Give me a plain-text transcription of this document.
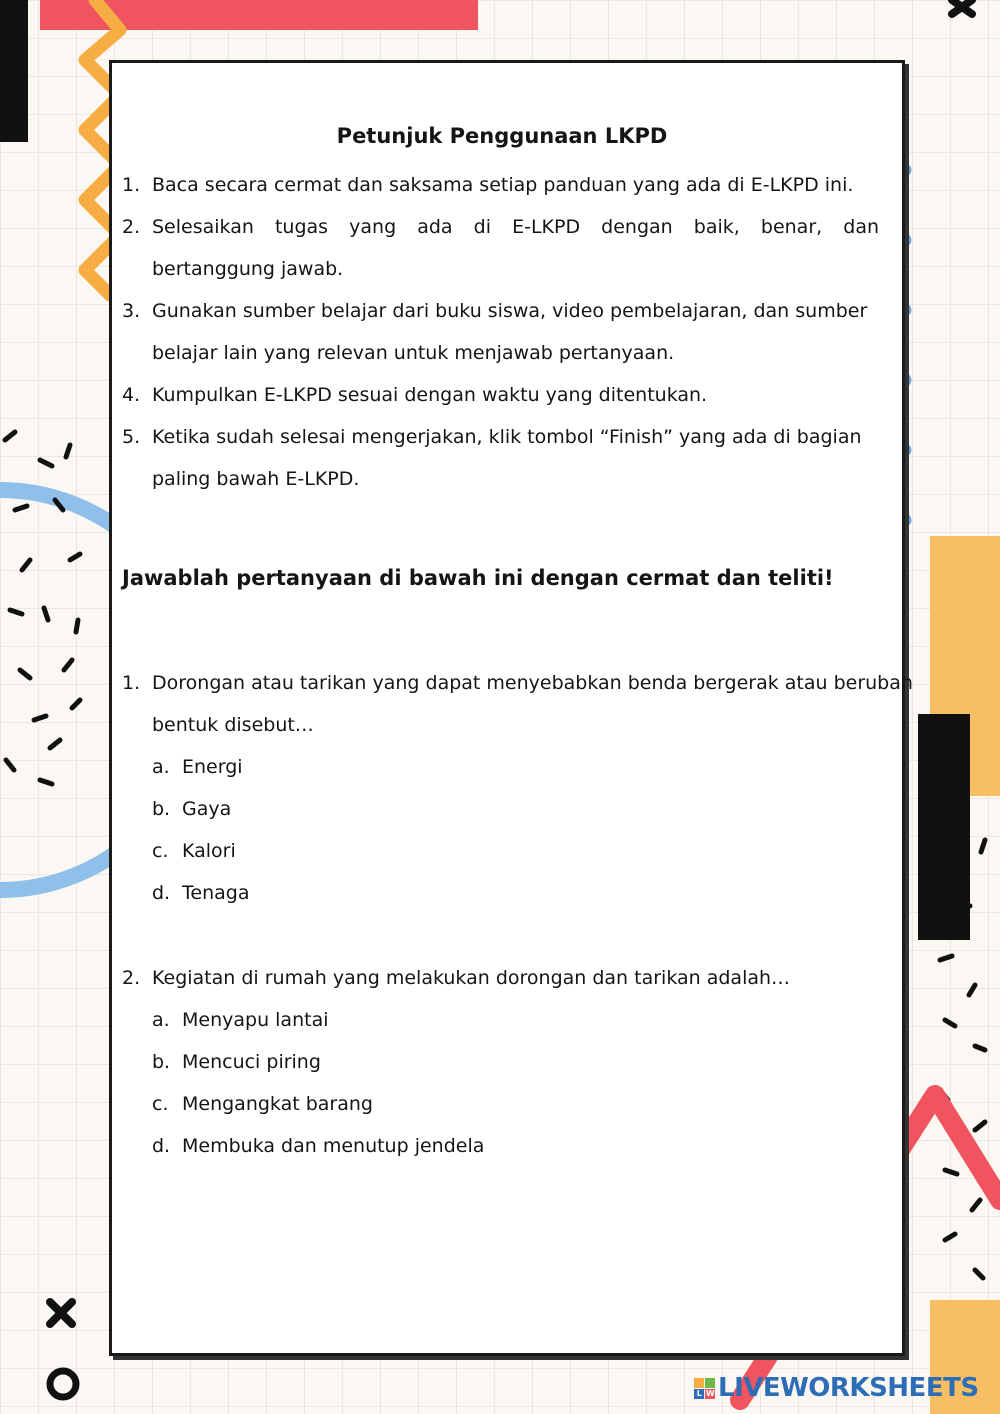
Petunjuk Penggunaan LKPD
1. Baca secara cermat dan saksama setiap panduan yang ada di E-LKPD ini.
2. Selesaikan tugas yang ada di E-LKPD dengan baik, benar, dan
bertanggung jawab.
3. Gunakan sumber belajar dari buku siswa, video pembelajaran, dan sumber
belajar lain yang relevan untuk menjawab pertanyaan.
4. Kumpulkan E-LKPD sesuai dengan waktu yang ditentukan.
5. Ketika sudah selesai mengerjakan, klik tombol “Finish” yang ada di bagian
paling bawah E-LKPD.
Jawablah pertanyaan di bawah ini dengan cermat dan teliti!
1. Dorongan atau tarikan yang dapat menyebabkan benda bergerak atau berubah
bentuk disebut…
a. Energi
b. Gaya
c. Kalori
d. Tenaga
2. Kegiatan di rumah yang melakukan dorongan dan tarikan adalah…
a. Menyapu lantai
b. Mencuci piring
c. Mengangkat barang
d. Membuka dan menutup jendela
L W LIVEWORKSHEETS
